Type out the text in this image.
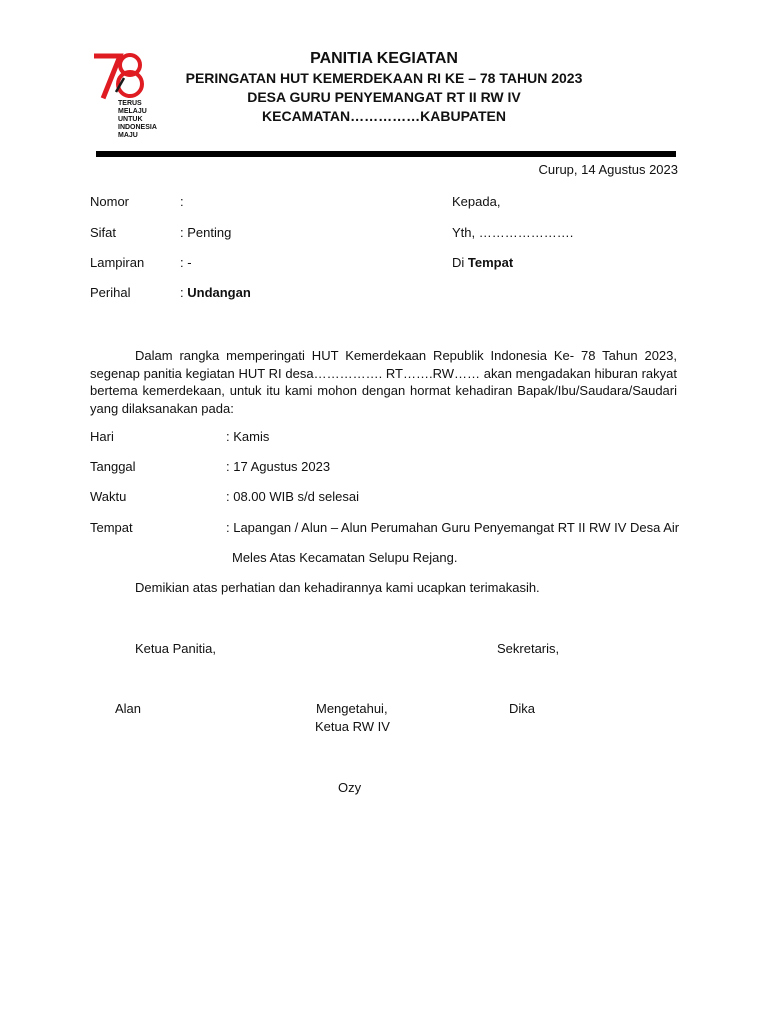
TERUS
MELAJU
UNTUK
INDONESIA
MAJU
PANITIA KEGIATAN
PERINGATAN HUT KEMERDEKAAN RI KE – 78 TAHUN 2023
DESA GURU PENYEMANGAT RT II RW IV
KECAMATAN……………KABUPATEN
Curup, 14 Agustus 2023
Nomor	:
Sifat	: Penting
Lampiran	: -
Perihal	: Undangan
Kepada,
Yth, ………………….
Di Tempat
Dalam rangka memperingati HUT Kemerdekaan Republik Indonesia Ke- 78 Tahun 2023, segenap panitia kegiatan HUT RI desa……………. RT…….RW…… akan mengadakan hiburan rakyat bertema kemerdekaan, untuk itu kami mohon dengan hormat kehadiran Bapak/Ibu/Saudara/Saudari yang dilaksanakan pada:
Hari	: Kamis
Tanggal	: 17 Agustus 2023
Waktu	: 08.00 WIB s/d selesai
Tempat	: Lapangan / Alun – Alun Perumahan Guru Penyemangat RT II RW IV Desa Air
Meles Atas Kecamatan Selupu Rejang.
Demikian atas perhatian dan kehadirannya kami ucapkan terimakasih.
Ketua Panitia,	Sekretaris,
Alan	Mengetahui,
Ketua RW IV
Dika
Ozy
